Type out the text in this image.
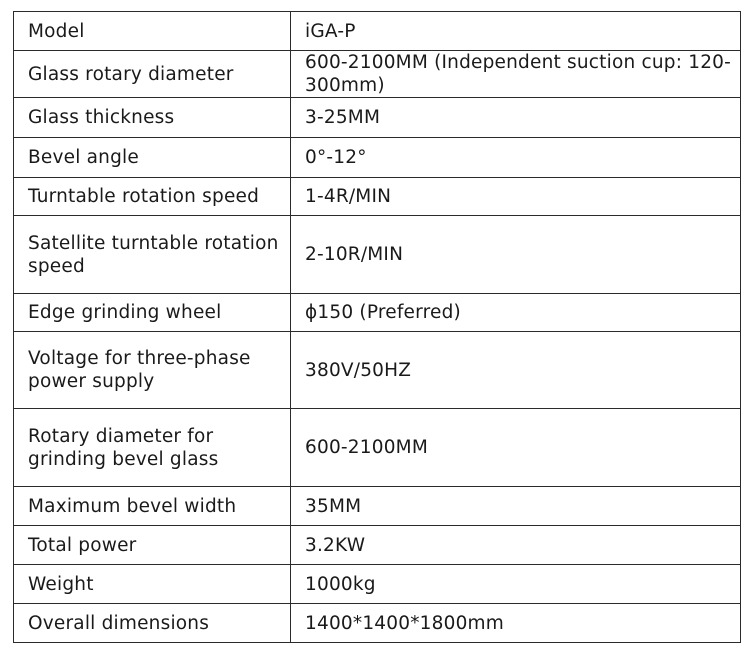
Model	iGA-P
Glass rotary diameter	600-2100MM (Independent suction cup: 120-300mm)
Glass thickness	3-25MM
Bevel angle	0°-12°
Turntable rotation speed	1-4R/MIN
Satellite turntable rotation speed	2-10R/MIN
Edge grinding wheel	ϕ150 (Preferred)
Voltage for three-phase power supply	380V/50HZ
Rotary diameter for grinding bevel glass	600-2100MM
Maximum bevel width	35MM
Total power	3.2KW
Weight	1000kg
Overall dimensions	1400*1400*1800mm
